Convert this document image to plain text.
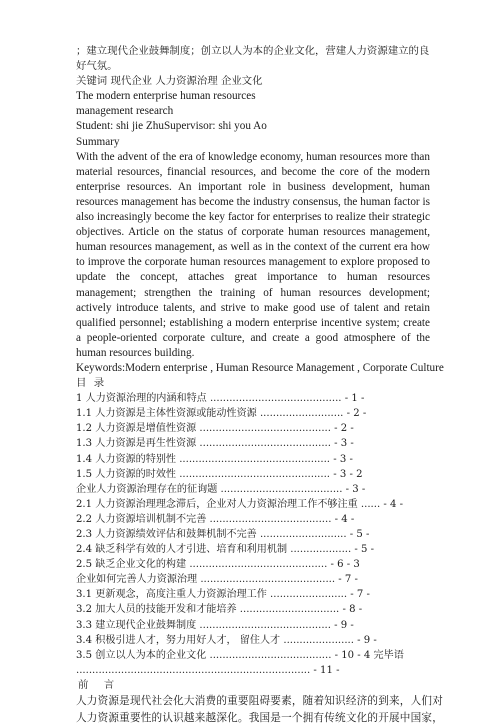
；建立现代企业鼓舞制度；创立以人为本的企业文化，营建人力资源建立的良
好气氛。
关键词 现代企业 人力资源治理 企业文化
The modern enterprise human resources
management research
Student: shi jie ZhuSupervisor: shi you Ao
Summary

With the advent of the era of knowledge economy, human resources more than material resources, financial resources, and become the core of the modern enterprise resources. An important role in business development, human resources management has become the industry consensus, the human factor is also increasingly become the key factor for enterprises to realize their strategic objectives. Article on the status of corporate human resources management, human resources management, as well as in the context of the current era how to improve the corporate human resources management to explore proposed to update the concept, attaches great importance to human resources management; strengthen the training of human resources development; actively introduce talents, and strive to make good use of talent and retain qualified personnel; establishing a modern enterprise incentive system; create a people-oriented corporate culture, and create a good atmosphere of the human resources building.

Keywords:Modern enterprise , Human Resource Management , Corporate Culture
目 录
1 人力资源治理的内涵和特点 ......................................... - 1 -
1.1 人力资源是主体性资源或能动性资源 .......................... - 2 -
1.2 人力资源是增值性资源 ......................................... - 2 -
1.3 人力资源是再生性资源 ......................................... - 3 -
1.4 人力资源的特别性 ............................................... - 3 -
1.5 人力资源的时效性 ............................................... - 3 - 2
企业人力资源治理存在的征询题 ...................................... - 3 -
2.1 人力资源治理理念滞后，企业对人力资源治理工作不够注重 ...... - 4 -
2.2 人力资源培训机制不完善 ...................................... - 4 -
2.3 人力资源绩效评估和鼓舞机制不完善 ........................... - 5 -
2.4 缺乏科学有效的人才引进、培育和利用机制 ................... - 5 -
2.5 缺乏企业文化的构建 ........................................... - 6 - 3
企业如何完善人力资源治理 .......................................... - 7 -
3.1 更新观念，高度注重人力资源治理工作 ........................ - 7 -
3.2 加大人员的技能开发和才能培养 ............................... - 8 -
3.3 建立现代企业鼓舞制度 ......................................... - 9 -
3.4 积极引进人才，努力用好人才， 留住人才 ...................... - 9 -
3.5 创立以人为本的企业文化 ...................................... - 10 - 4 完毕语
......................................................................... - 11 -
前 言
人力资源是现代社会化大消费的重要阻碍要素，随着知识经济的到来，人们对
人力资源重要性的认识越来越深化。我国是一个拥有传统文化的开展中国家，
